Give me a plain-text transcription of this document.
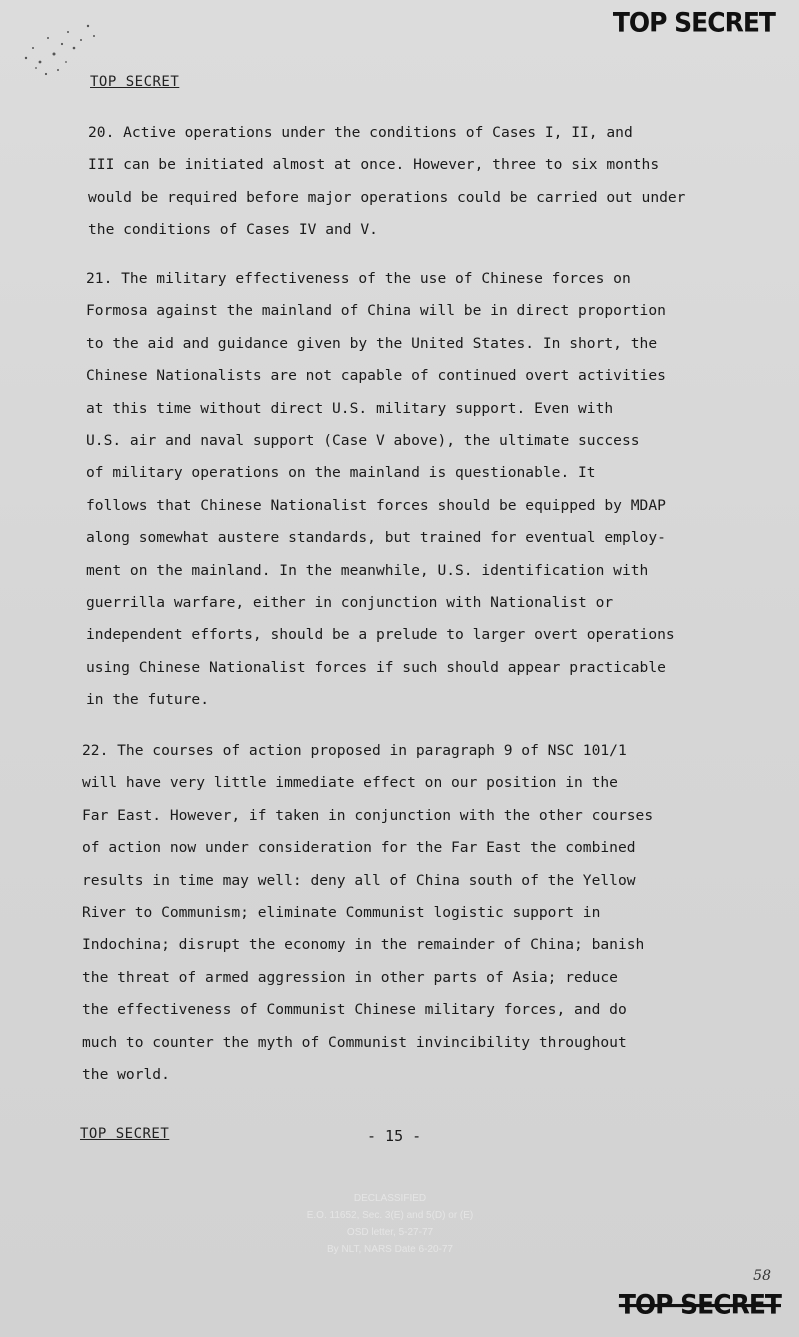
TOP SECRET
TOP SECRET

20. Active operations under the conditions of Cases I, II, and
III can be initiated almost at once. However, three to six months
would be required before major operations could be carried out under
the conditions of Cases IV and V.

21. The military effectiveness of the use of Chinese forces on
Formosa against the mainland of China will be in direct proportion
to the aid and guidance given by the United States. In short, the
Chinese Nationalists are not capable of continued overt activities
at this time without direct U.S. military support. Even with
U.S. air and naval support (Case V above), the ultimate success
of military operations on the mainland is questionable. It
follows that Chinese Nationalist forces should be equipped by MDAP
along somewhat austere standards, but trained for eventual employ-
ment on the mainland. In the meanwhile, U.S. identification with
guerrilla warfare, either in conjunction with Nationalist or
independent efforts, should be a prelude to larger overt operations
using Chinese Nationalist forces if such should appear practicable
in the future.

22. The courses of action proposed in paragraph 9 of NSC 101/1
will have very little immediate effect on our position in the
Far East. However, if taken in conjunction with the other courses
of action now under consideration for the Far East the combined
results in time may well: deny all of China south of the Yellow
River to Communism; eliminate Communist logistic support in
Indochina; disrupt the economy in the remainder of China; banish
the threat of armed aggression in other parts of Asia; reduce
the effectiveness of Communist Chinese military forces, and do
much to counter the myth of Communist invincibility throughout
the world.

TOP SECRET	- 15 -
DECLASSIFIED
E.O. 11652, Sec. 3(E) and 5(D) or (E)
OSD letter, 5-27-77
By NLT, NARS Date 6-20-77
58
TOP SECRET
